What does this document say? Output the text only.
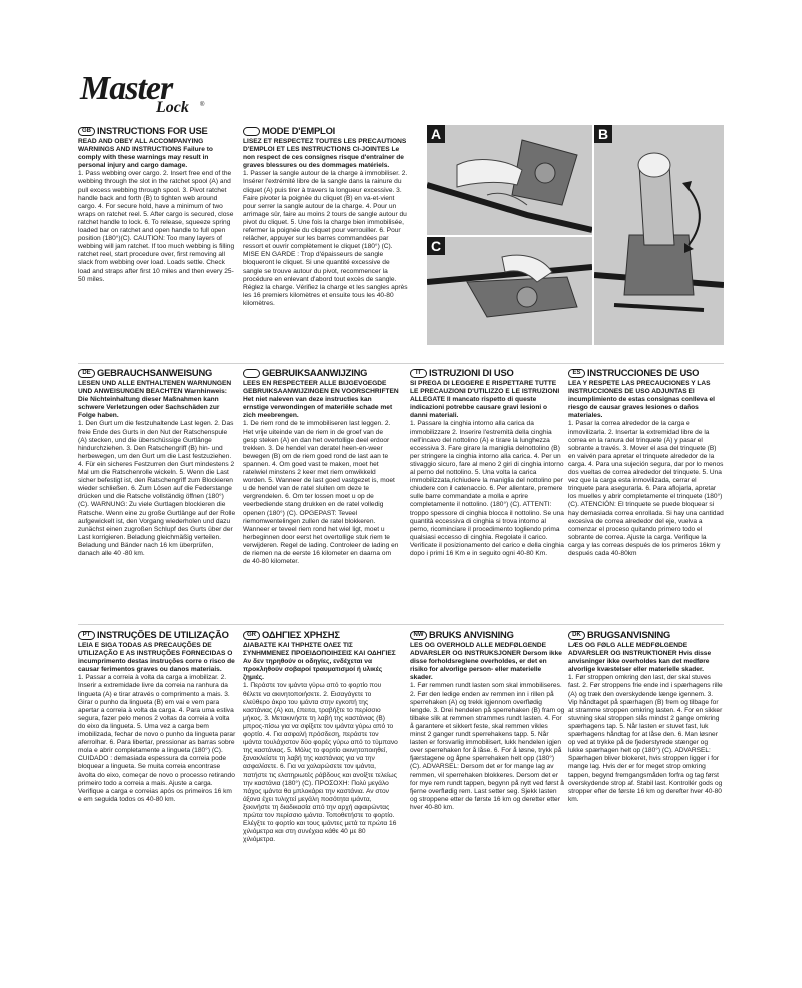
Master
Lock ®
A	B
C
GB INSTRUCTIONS FOR USE
READ AND OBEY ALL ACCOMPANYING WARNINGS AND INSTRUCTIONS Failure to comply with these warnings may result in personal injury and cargo damage.
1. Pass webbing over cargo. 2. Insert free end of the webbing through the slot in the ratchet spool (A) and pull excess webbing through spool. 3. Pivot ratchet handle back and forth (B) to tighten web around cargo. 4. For secure hold, have a minimum of two wraps on ratchet reel. 5. After cargo is secured, close ratchet handle to lock. 6. To release, squeeze spring loaded bar on ratchet and open handle to full open position (180°)(C). CAUTION: Too many layers of webbing will jam ratchet. If too much webbing is filling ratchet reel, start procedure over, first removing all slack from webbing over load. Loads settle. Check load and straps after first 10 miles and then every 25-50 miles.
MODE D'EMPLOI
LISEZ ET RESPECTEZ TOUTES LES PRECAUTIONS D'EMPLOI ET LES INSTRUCTIONS CI-JOINTES Le non respect de ces consignes risque d'entraîner de graves blessures ou des dommages matériels.
1. Passer la sangle autour de la charge à immobiliser. 2. Insérer l'extrémité libre de la sangle dans la rainure du cliquet (A) puis tirer à travers la longueur excessive. 3. Faire pivoter la poignée du cliquet (B) en va-et-vient pour serrer la sangle autour de la charge. 4. Pour un arrimage sûr, faire au moins 2 tours de sangle autour du pivot du cliquet. 5. Une fois la charge bien immobilisée, refermer la poignée du cliquet pour verrouiller. 6. Pour relâcher, appuyer sur les barres commandées par ressort et ouvrir complètement le cliquet (180°) (C). MISE EN GARDE : Trop d'épaisseurs de sangle bloqueront le cliquet. Si une quantité excessive de sangle se trouve autour du pivot, recommencer la procédure en enlevant d'abord tout excès de sangle. Réglez la charge. Vérifiez la charge et les sangles après les 16 premiers kilomètres et ensuite tous les 40-80 kilomètres.
DE GEBRAUCHSANWEISUNG
LESEN UND ALLE ENTHALTENEN WARNUNGEN UND ANWEISUNGEN BEACHTEN Warnhinweis: Die Nichteinhaltung dieser Maßnahmen kann schwere Verletzungen oder Sachschäden zur Folge haben.
1. Den Gurt um die festzuhaltende Last legen. 2. Das freie Ende des Gurts in den Nut der Ratschenspule (A) stecken, und die überschüssige Gurtlänge hindurchziehen. 3. Den Ratschengriff (B) hin- und herbewegen, um den Gurt um die Last festzuziehen. 4. Für ein sicheres Festzurren den Gurt mindestens 2 Mal um die Ratschenrolle wickeln. 5. Wenn die Last sicher befestigt ist, den Ratschengriff zum Blockieren wieder schließen. 6. Zum Lösen auf die Federstange drücken und die Ratsche vollständig öffnen (180°) (C). WARNUNG: Zu viele Gurtlagen blockieren die Ratsche. Wenn eine zu große Gurtlänge auf der Rolle aufgewickelt ist, den Vorgang wiederholen und dazu zunächst einen zugroßen Schlupf des Gurts über der Last korrigieren. Beladung gleichmäßig verteilen. Beladung und Bänder nach 16 km überprüfen, danach alle 40 -80 km.
GEBRUIKSAANWIJZING
LEES EN RESPECTEER ALLE BIJGEVOEGDE GEBRUIKSAANWIJZINGEN EN VOORSCHRIFTEN Het niet naleven van deze instructies kan ernstige verwondingen of materiële schade met zich meebrengen.
1. De riem rond de te immobiliseren last leggen. 2. Het vrije uiteinde van de riem in de groef van de gesp steken (A) en dan het overtollige deel erdoor trekken. 3. De hendel van deratel heen-en-weer bewegen (B) om de riem goed rond de last aan te spannen. 4. Om goed vast te maken, moet het ratelwiel minstens 2 keer met riem omwikkeld worden. 5. Wanneer de last goed vastgezet is, moet u de hendel van de ratel sluiten om deze te vergrendelen. 6. Om ter lossen moet u op de veerbediende stang drukken en de ratel volledig openen (180°) (C). OPGEPAST: Teveel riemomwentelingen zullen de ratel blokkeren. Wanneer er teveel riem rond het wiel ligt, moet u herbeginnen door eerst het overtollige stuk riem te verwijderen. Regel de lading. Controleer de lading en de riemen na de eerste 16 kilometer en daarna om de 40-80 kilometer.
IT ISTRUZIONI DI USO
SI PREGA DI LEGGERE E RISPETTARE TUTTE LE PRECAUZIONI D'UTILIZZO E LE ISTRUZIONI ALLEGATE Il mancato rispetto di queste indicazioni potrebbe causare gravi lesioni o danni materiali.
1. Passare la cinghia intorno alla carica da immobilizzare 2. Inserire l'estremità della cinghia nell'incavo del nottolino (A) e tirare la lunghezza eccessiva 3. Fare girare la maniglia delnottolino (B) per stringere la cinghia intorno alla carica. 4. Per un stivaggio sicuro, fare al meno 2 giri di cinghia intorno al perno del nottolino. 5. Una volta la carica immobilizzata,richiudere la maniglia del nottolino per chiudere con il catenaccio. 6. Per allentare, premere sulle barre commandate a molla e aprire completamente il nottolino. (180°) (C). ATTENTI: troppo spessore di cinghia blocca il nottolino. Se una quantità eccessiva di cinghia si trova intorno al perno, ricominciare il procedimento togliendo prima qualsiasi eccesso di cinghia. Regolate il carico. Verificate il posizionamento del carico e della cinghia dopo i primi 16 Km e in seguito ogni 40-80 Km.
ES INSTRUCCIONES DE USO
LEA Y RESPETE LAS PRECAUCIONES Y LAS INSTRUCCIONES DE USO ADJUNTAS El incumplimiento de estas consignas conlleva el riesgo de causar graves lesiones o daños materiales.
1. Pasar la correa alrededor de la carga e inmovilizarla. 2. Insertar la extremidad libre de la correa en la ranura del trinquete (A) y pasar el sobrante a través. 3. Mover el asa del trinquete (B) en vaivén para apretar el trinquete alrededor de la carga. 4. Para una sujeción segura, dar por lo menos dos vueltas de correa alrededor del trinquete. 5. Una vez que la carga esta inmovilizada, cerrar el trinquete para asegurarla. 6. Para aflojarla, apretar los muelles y abrir completamente el trinquete (180°) (C). ATENCIÓN: El trinquete se puede bloquear si hay demasiada correa enrollada. Si hay una cantidad excesiva de correa alrededor del eje, vuelva a comenzar el proceso quitando primero todo el sobrante de correa. Ajuste la carga. Verifique la carga y las correas después de los primeros 16km y después cada 40-80km
PT INSTRUÇÕES DE UTILIZAÇÃO
LEIA E SIGA TODAS AS PRECAUÇÕES DE UTILIZAÇÃO E AS INSTRUÇÕES FORNECIDAS O incumprimento destas instruções corre o risco de causar ferimentos graves ou danos materiais.
1. Passar a correia à volta da carga a imobilizar. 2. Inserir a extremidade livre da correia na ranhura da lingueta (A) e tirar através o comprimento a mais. 3. Girar o punho da lingueta (B) em vai e vem para apertar a correia à volta da carga. 4. Para uma estiva segura, fazer pelo menos 2 voltas da correia à volta do eixo da lingueta. 5. Uma vez a carga bem imobilizada, fechar de novo o punho da lingueta parar aferrolhar. 6. Para libertar, pressionar as barras sobre mola e abrir completamente a lingueta (180°) (C). CUIDADO : demasiada espessura da correia pode bloquear a lingueta. Se muita correia encontrase àvolta do eixo, começar de novo o processo retirando primeiro todo a correia a mais. Ajuste a carga. Verifique a carga e correias após os primeiros 16 km e em seguida todos os 40-80 km.
GR ΟΔΗΓΙΕΣ ΧΡΗΣΗΣ
ΔΙΑΒΑΣΤΕ ΚΑΙ ΤΗΡΗΣΤΕ ΟΛΕΣ ΤΙΣ ΣΥΝΗΜΜΕΝΕΣ ΠΡΟΕΙΔΟΠΟΙΗΣΕΙΣ ΚΑΙ ΟΔΗΓΙΕΣ Αν δεν τηρηθούν οι οδηγίες, ενδέχεται να προκληθούν σοβαροί τραυματισμοί ή υλικές ζημιές.
1. Περάστε τον ιμάντα γύρω από το φορτίο που θέλετε να ακινητοποιήσετε. 2. Εισαγάγετε το ελεύθερο άκρο του ιμάντα στην εγκοπή της καστάνιας (A) και, έπειτα, τραβήξτε το περίσσιο μήκος. 3. Μετακινήστε τη λαβή της καστάνιας (B) μπρος-πίσω για να σφίξετε τον ιμάντα γύρω από το φορτίο. 4. Για ασφαλή πρόσδεση, περάστε τον ιμάντα τουλάχιστον δύο φορές γύρω από το τύμπανο της καστάνιας. 5. Μόλις το φορτίο ακινητοποιηθεί, ξανακλείστε τη λαβή της καστάνιας για να την ασφαλίσετε. 6. Για να χαλαρώσετε τον ιμάντα, πατήστε τις ελατηριωτές ράβδους και ανοίξτε τελείως την καστάνια (180°) (C). ΠΡΟΣΟΧΗ: Πολύ μεγάλο πάχος ιμάντα θα μπλοκάρει την καστάνια. Αν στον άξονα έχει τυλιχτεί μεγάλη ποσότητα ιμάντα, ξεκινήστε τη διαδικασία από την αρχή αφαιρώντας πρώτα τον περίσσιο ιμάντα. Τοποθετήστε το φορτίο. Ελέγξτε το φορτίο και τους ιμάντες μετά τα πρώτα 16 χιλιόμετρα και στη συνέχεια κάθε 40 με 80 χιλιόμετρα.
NW BRUKS ANVISNING
LES OG OVERHOLD ALLE MEDFØLGENDE ADVARSLER OG INSTRUKSJONER Dersom ikke disse forholdsreglene overholdes, er det en risiko for alvorlige person- eller materielle skader.
1. Før remmen rundt lasten som skal immobiliseres. 2. Før den ledige enden av remmen inn i rillen på sperrehaken (A) og trekk igjennom overflødig lengde. 3. Drei hendelen på sperrehaken (B) fram og tilbake slik at remmen strammes rundt lasten. 4. For å garantere et sikkert feste, skal remmen vikles minst 2 ganger rundt sperrehakens tapp. 5. Når lasten er forsvarlig immobilisert, lukk hendelen igjen over sperrehaken for å låse. 6. For å løsne, trykk på fjærstagene og åpne sperrehaken helt opp (180°) (C). ADVARSEL: Dersom det er for mange lag av remmen, vil sperrehaken blokkeres. Dersom det er for mye rem rundt tappen, begynn på nytt ved først å fjerne overflødig rem. Last setter seg. Sjekk lasten og stroppene etter de første 16 km og deretter etter hver 40-80 km.
DK BRUGSANVISNING
LÆS OG FØLG ALLE MEDFØLGENDE ADVARSLER OG INSTRUKTIONER Hvis disse anvisninger ikke overholdes kan det medføre alvorlige kvæstelser eller materielle skader.
1. Før stroppen omkring den last, der skal stuves fast. 2. Før stroppens frie ende ind i spærhagens rille (A) og træk den overskydende længe igennem. 3. Vip håndtaget på spærhagen (B) frem og tilbage for at stramme stroppen omkring lasten. 4. For en sikker stuvning skal stroppen slås mindst 2 gange omkring spærhagens tap. 5. Når lasten er stuvet fast, luk spærhagens håndtag for at låse den. 6. Man løsner op ved at trykke på de fjederstyrede stænger og lukke spærhagen helt op (180°) (C). ADVARSEL: Spærhagen bliver blokeret, hvis stroppen ligger i for mange lag. Hvis der er for meget strop omkring tappen, begynd fremgangsmåden forfra og tag først overskydende strop af. Stabil last. Kontrollér gods og stropper efter de første 16 km og derefter hver 40-80 km.
